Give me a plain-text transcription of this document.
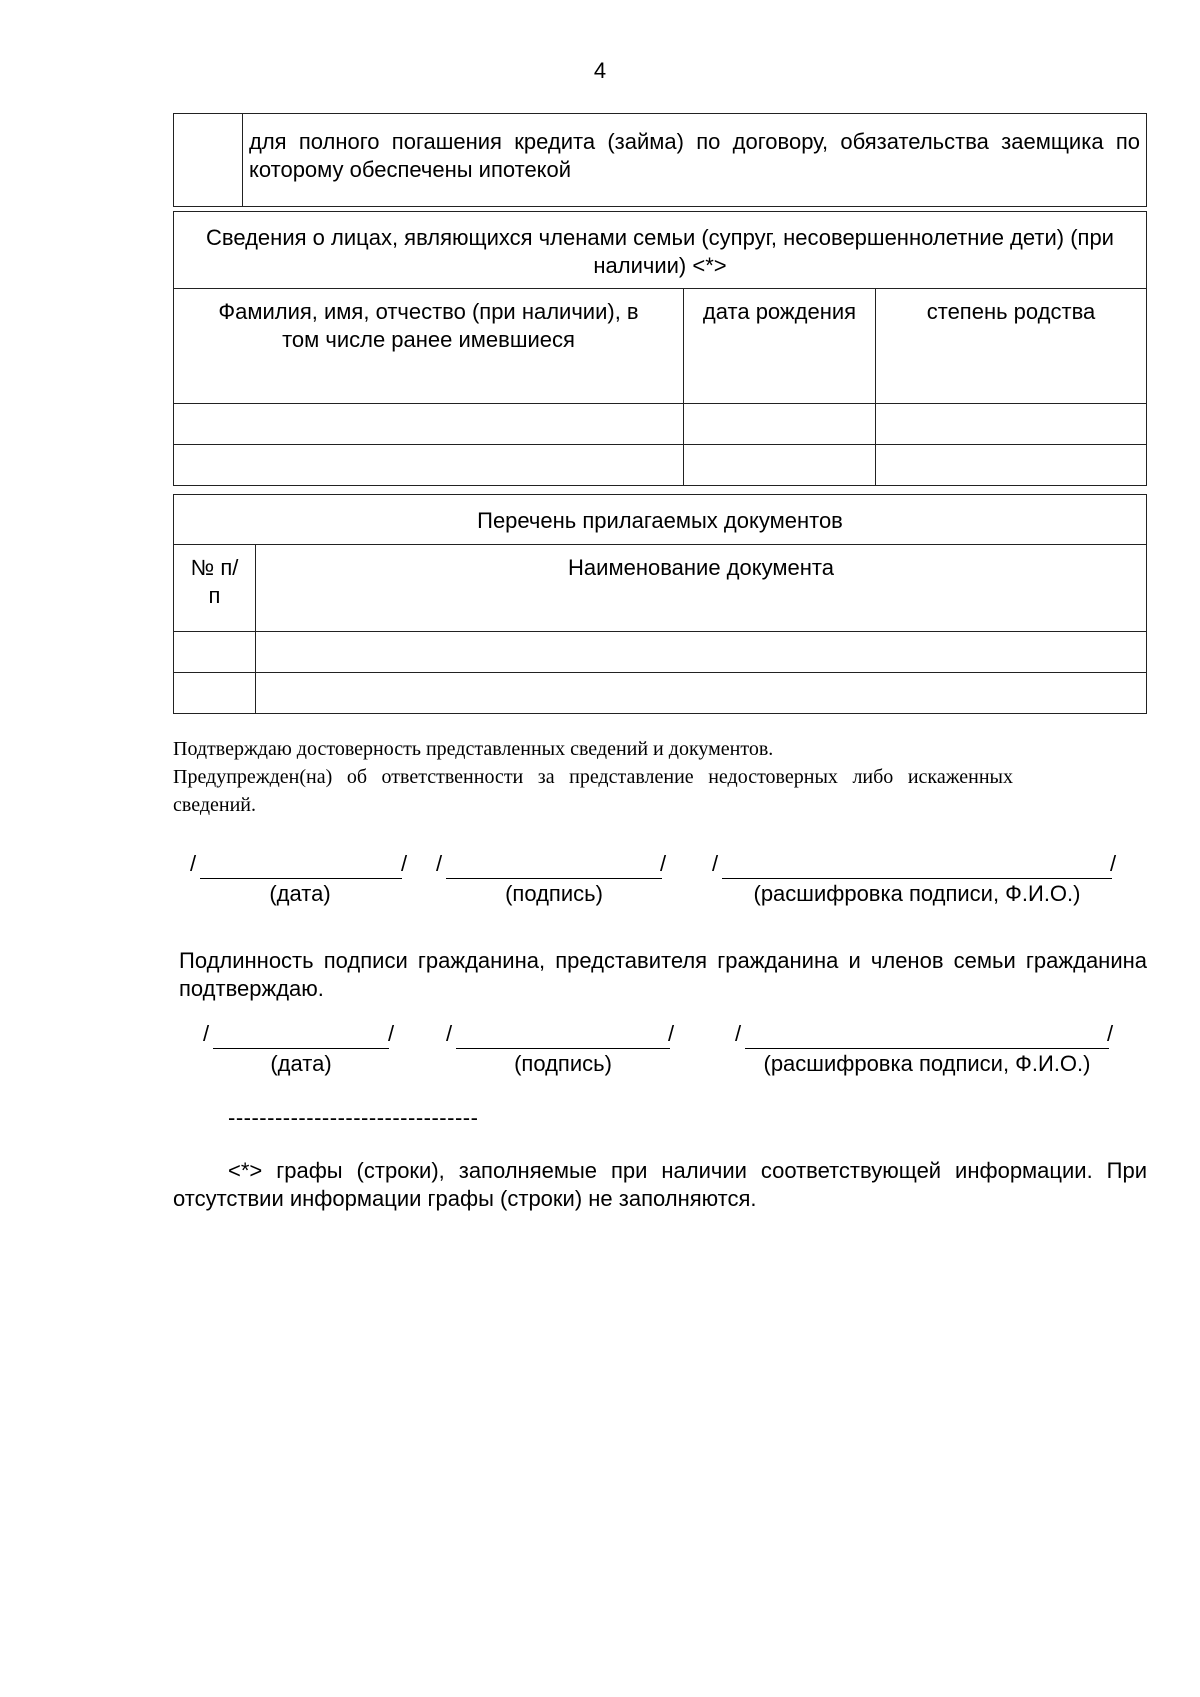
4
	для полного погашения кредита (займа) по договору, обязательства заемщика по которому обеспечены ипотекой
Сведения о лицах, являющихся членами семьи (супруг, несовершеннолетние дети) (при наличии) <*>		
Фамилия, имя, отчество (при наличии), в том числе ранее имевшиеся	дата рождения	степень родства

Перечень прилагаемых документов	
№ п/п	Наименование документа

Подтверждаю достоверность представленных сведений и документов.
Предупрежден(на) об ответственности за представление недостоверных либо искаженных сведений.
/	/ /	/ /	/
(дата)	(подпись)	(расшифровка подписи, Ф.И.О.)
Подлинность подписи гражданина, представителя гражданина и членов семьи гражданина подтверждаю.
/	/ /	/	/	/
(дата)	(подпись)	(расшифровка подписи, Ф.И.О.)
--------------------------------
<*> графы (строки), заполняемые при наличии соответствующей информации. При отсутствии информации графы (строки) не заполняются.
